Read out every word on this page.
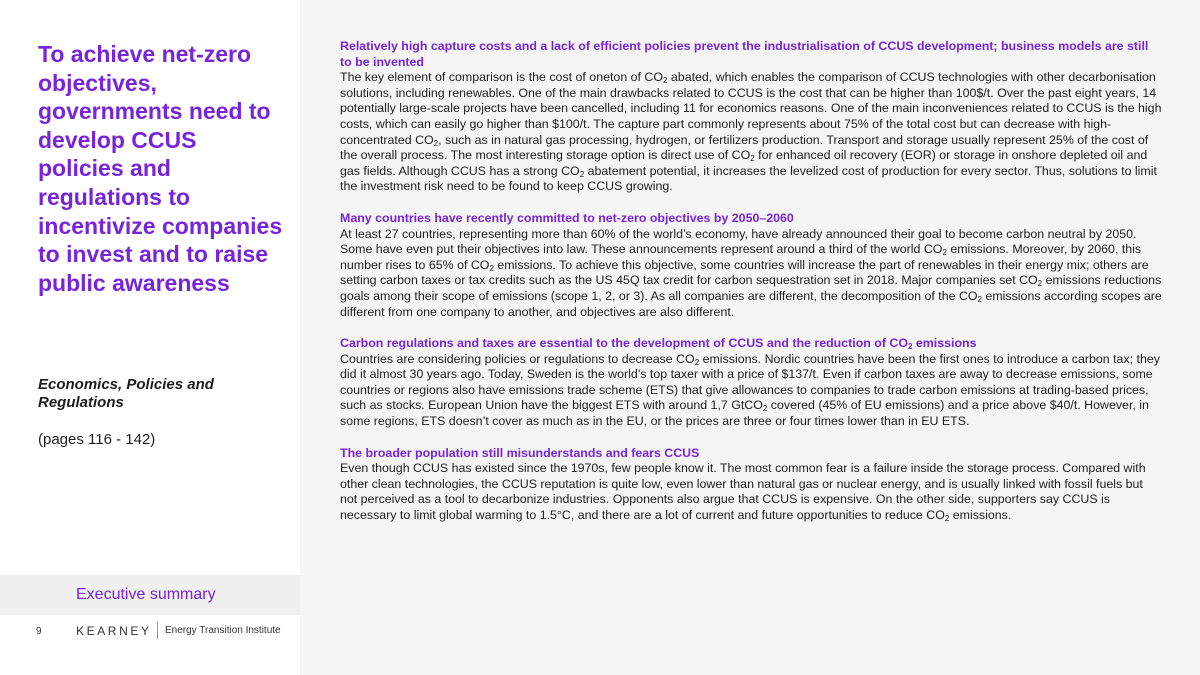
To achieve net-zero objectives, governments need to develop CCUS policies and regulations to incentivize companies to invest and to raise public awareness
Economics, Policies and Regulations
(pages 116 - 142)
Executive summary
9	KEARNEY Energy Transition Institute

Relatively high capture costs and a lack of efficient policies prevent the industrialisation of CCUS development; business models are still to be invented

The key element of comparison is the cost of oneton of $CO_2$ abated, which enables the comparison of CCUS technologies with other decarbonisation solutions, including renewables. One of the main drawbacks related to CCUS is the cost that can be higher than 100$/t. Over the past eight years, 14 potentially large-scale projects have been cancelled, including 11 for economics reasons. One of the main inconveniences related to CCUS is the high costs, which can easily go higher than $100/t. The capture part commonly represents about 75% of the total cost but can decrease with high-concentrated $CO_2$, such as in natural gas processing, hydrogen, or fertilizers production. Transport and storage usually represent 25% of the cost of the overall process. The most interesting storage option is direct use of $CO_2$ for enhanced oil recovery (EOR) or storage in onshore depleted oil and gas fields. Although CCUS has a strong $CO_2$ abatement potential, it increases the levelized cost of production for every sector. Thus, solutions to limit the investment risk need to be found to keep CCUS growing.

Many countries have recently committed to net-zero objectives by 2050–2060

At least 27 countries, representing more than 60% of the world’s economy, have already announced their goal to become carbon neutral by 2050. Some have even put their objectives into law. These announcements represent around a third of the world $CO_2$ emissions. Moreover, by 2060, this number rises to 65% of $CO_2$ emissions. To achieve this objective, some countries will increase the part of renewables in their energy mix; others are setting carbon taxes or tax credits such as the US 45Q tax credit for carbon sequestration set in 2018. Major companies set $CO_2$ emissions reductions goals among their scope of emissions (scope 1, 2, or 3). As all companies are different, the decomposition of the $CO_2$ emissions according scopes are different from one company to another, and objectives are also different.

Carbon regulations and taxes are essential to the development of CCUS and the reduction of $CO_2$ emissions

Countries are considering policies or regulations to decrease $CO_2$ emissions. Nordic countries have been the first ones to introduce a carbon tax; they did it almost 30 years ago. Today, Sweden is the world’s top taxer with a price of $137/t. Even if carbon taxes are away to decrease emissions, some countries or regions also have emissions trade scheme (ETS) that give allowances to companies to trade carbon emissions at trading-based prices, such as stocks. European Union have the biggest ETS with around 1,7 GtCO$_2$ covered (45% of EU emissions) and a price above $40/t. However, in some regions, ETS doesn’t cover as much as in the EU, or the prices are three or four times lower than in EU ETS.

The broader population still misunderstands and fears CCUS

Even though CCUS has existed since the 1970s, few people know it. The most common fear is a failure inside the storage process. Compared with other clean technologies, the CCUS reputation is quite low, even lower than natural gas or nuclear energy, and is usually linked with fossil fuels but not perceived as a tool to decarbonize industries. Opponents also argue that CCUS is expensive. On the other side, supporters say CCUS is necessary to limit global warming to 1.5°C, and there are a lot of current and future opportunities to reduce $CO_2$ emissions.
